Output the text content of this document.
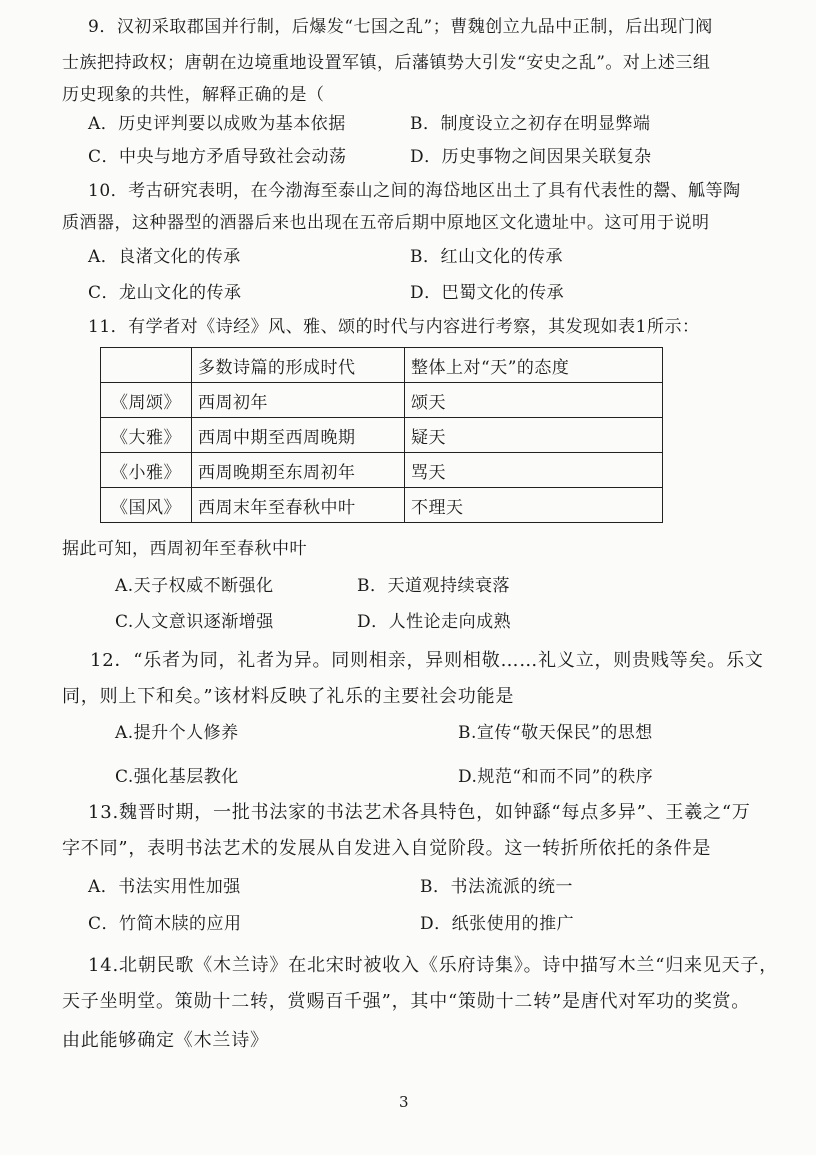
9．汉初采取郡国并行制，后爆发“七国之乱”；曹魏创立九品中正制，后出现门阀
士族把持政权；唐朝在边境重地设置军镇，后藩镇势大引发“安史之乱”。对上述三组
历史现象的共性，解释正确的是（
A．历史评判要以成败为基本依据	B．制度设立之初存在明显弊端
C．中央与地方矛盾导致社会动荡	D．历史事物之间因果关联复杂
10．考古研究表明，在今渤海至泰山之间的海岱地区出土了具有代表性的鬶、觚等陶
质酒器，这种器型的酒器后来也出现在五帝后期中原地区文化遗址中。这可用于说明
A．良渚文化的传承	B．红山文化的传承
C．龙山文化的传承	D．巴蜀文化的传承
11．有学者对《诗经》风、雅、颂的时代与内容进行考察，其发现如表1所示：
	多数诗篇的形成时代	整体上对“天”的态度
《周颂》	西周初年	颂天
《大雅》	西周中期至西周晚期	疑天
《小雅》	西周晚期至东周初年	骂天
《国风》	西周末年至春秋中叶	不理天
据此可知，西周初年至春秋中叶
A.天子权威不断强化	B．天道观持续衰落
C.人文意识逐渐增强	D．人性论走向成熟
12．“乐者为同，礼者为异。同则相亲，异则相敬……礼义立，则贵贱等矣。乐文
同，则上下和矣。”该材料反映了礼乐的主要社会功能是
A.提升个人修养	B.宣传“敬天保民”的思想
C.强化基层教化	D.规范“和而不同”的秩序
13.魏晋时期，一批书法家的书法艺术各具特色，如钟繇“每点多异”、王羲之“万
字不同”，表明书法艺术的发展从自发进入自觉阶段。这一转折所依托的条件是
A．书法实用性加强	B．书法流派的统一
C．竹简木牍的应用	D．纸张使用的推广
14.北朝民歌《木兰诗》在北宋时被收入《乐府诗集》。诗中描写木兰“归来见天子，
天子坐明堂。策勋十二转，赏赐百千强”，其中“策勋十二转”是唐代对军功的奖赏。
由此能够确定《木兰诗》
3
